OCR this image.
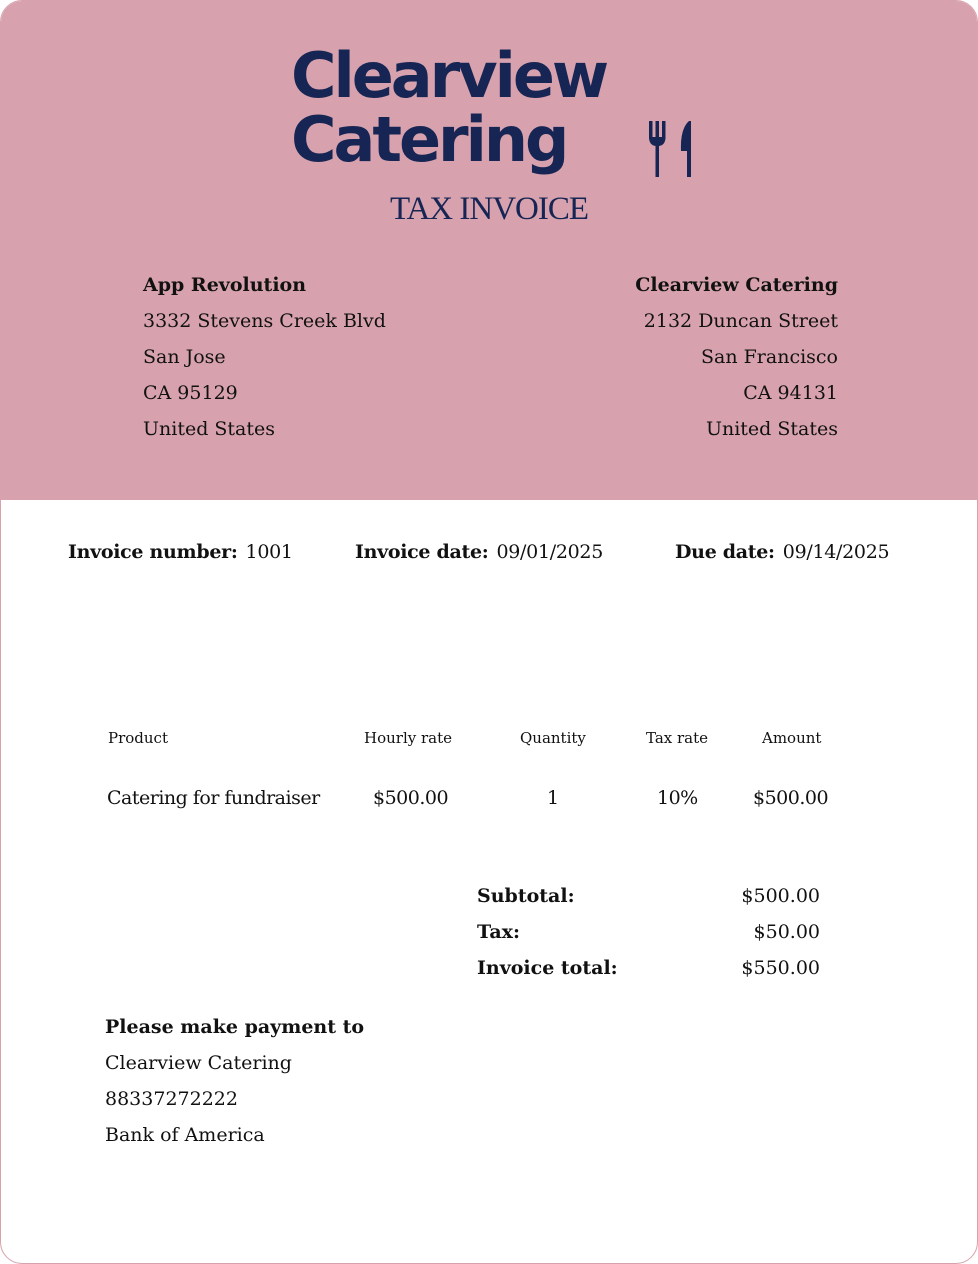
Clearview
Catering
TAX INVOICE
App Revolution
3332 Stevens Creek Blvd
San Jose
CA 95129
United States
Clearview Catering
2132 Duncan Street
San Francisco
CA 94131
United States
Invoice number: 1001	Invoice date: 09/01/2025	Due date: 09/14/2025
Product	Hourly rate	Quantity	Tax rate	Amount
Catering for fundraiser	$500.00	1	10%	$500.00
Subtotal:	$500.00
Tax:	$50.00
Invoice total:	$550.00
Please make payment to
Clearview Catering
88337272222
Bank of America
